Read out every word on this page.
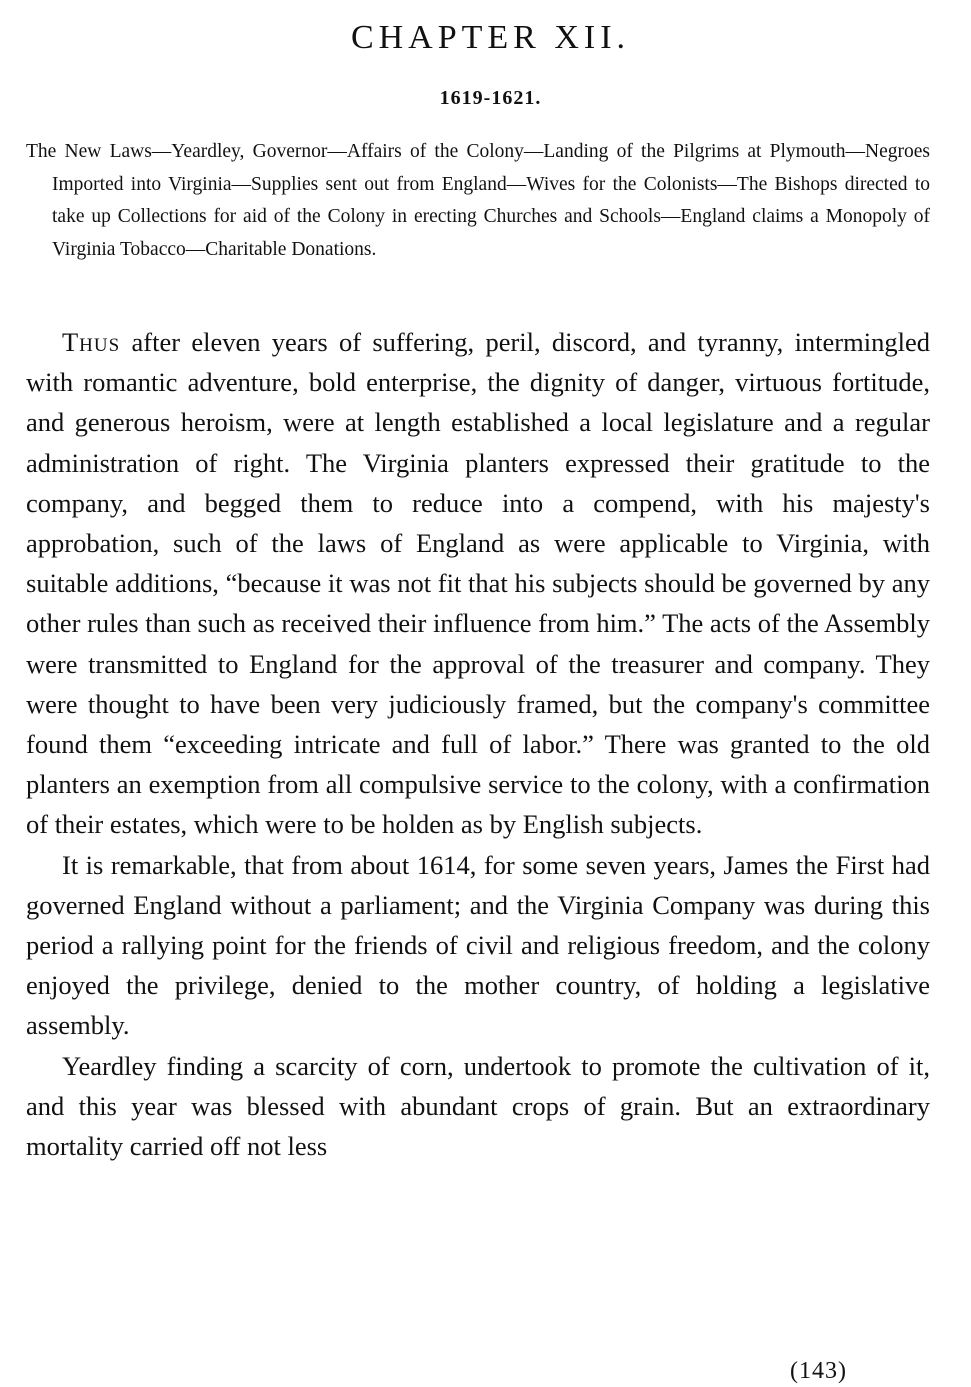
CHAPTER XII.
1619-1621.

The New Laws—Yeardley, Governor—Affairs of the Colony—Landing of the Pilgrims at Plymouth—Negroes Imported into Virginia—Supplies sent out from England—Wives for the Colonists—The Bishops directed to take up Collections for aid of the Colony in erecting Churches and Schools—England claims a Monopoly of Virginia Tobacco—Charitable Donations.

Thus after eleven years of suffering, peril, discord, and tyranny, intermingled with romantic adventure, bold enterprise, the dignity of danger, virtuous fortitude, and generous heroism, were at length established a local legislature and a regular administration of right. The Virginia planters expressed their gratitude to the company, and begged them to reduce into a compend, with his majesty's approbation, such of the laws of England as were applicable to Virginia, with suitable additions, “because it was not fit that his subjects should be governed by any other rules than such as received their influence from him.” The acts of the Assembly were transmitted to England for the approval of the treasurer and company. They were thought to have been very judiciously framed, but the company's committee found them “exceeding intricate and full of labor.” There was granted to the old planters an exemption from all compulsive service to the colony, with a confirmation of their estates, which were to be holden as by English subjects.

It is remarkable, that from about 1614, for some seven years, James the First had governed England without a parliament; and the Virginia Company was during this period a rallying point for the friends of civil and religious freedom, and the colony enjoyed the privilege, denied to the mother country, of holding a legislative assembly.

Yeardley finding a scarcity of corn, undertook to promote the cultivation of it, and this year was blessed with abundant crops of grain. But an extraordinary mortality carried off not less

(143)
